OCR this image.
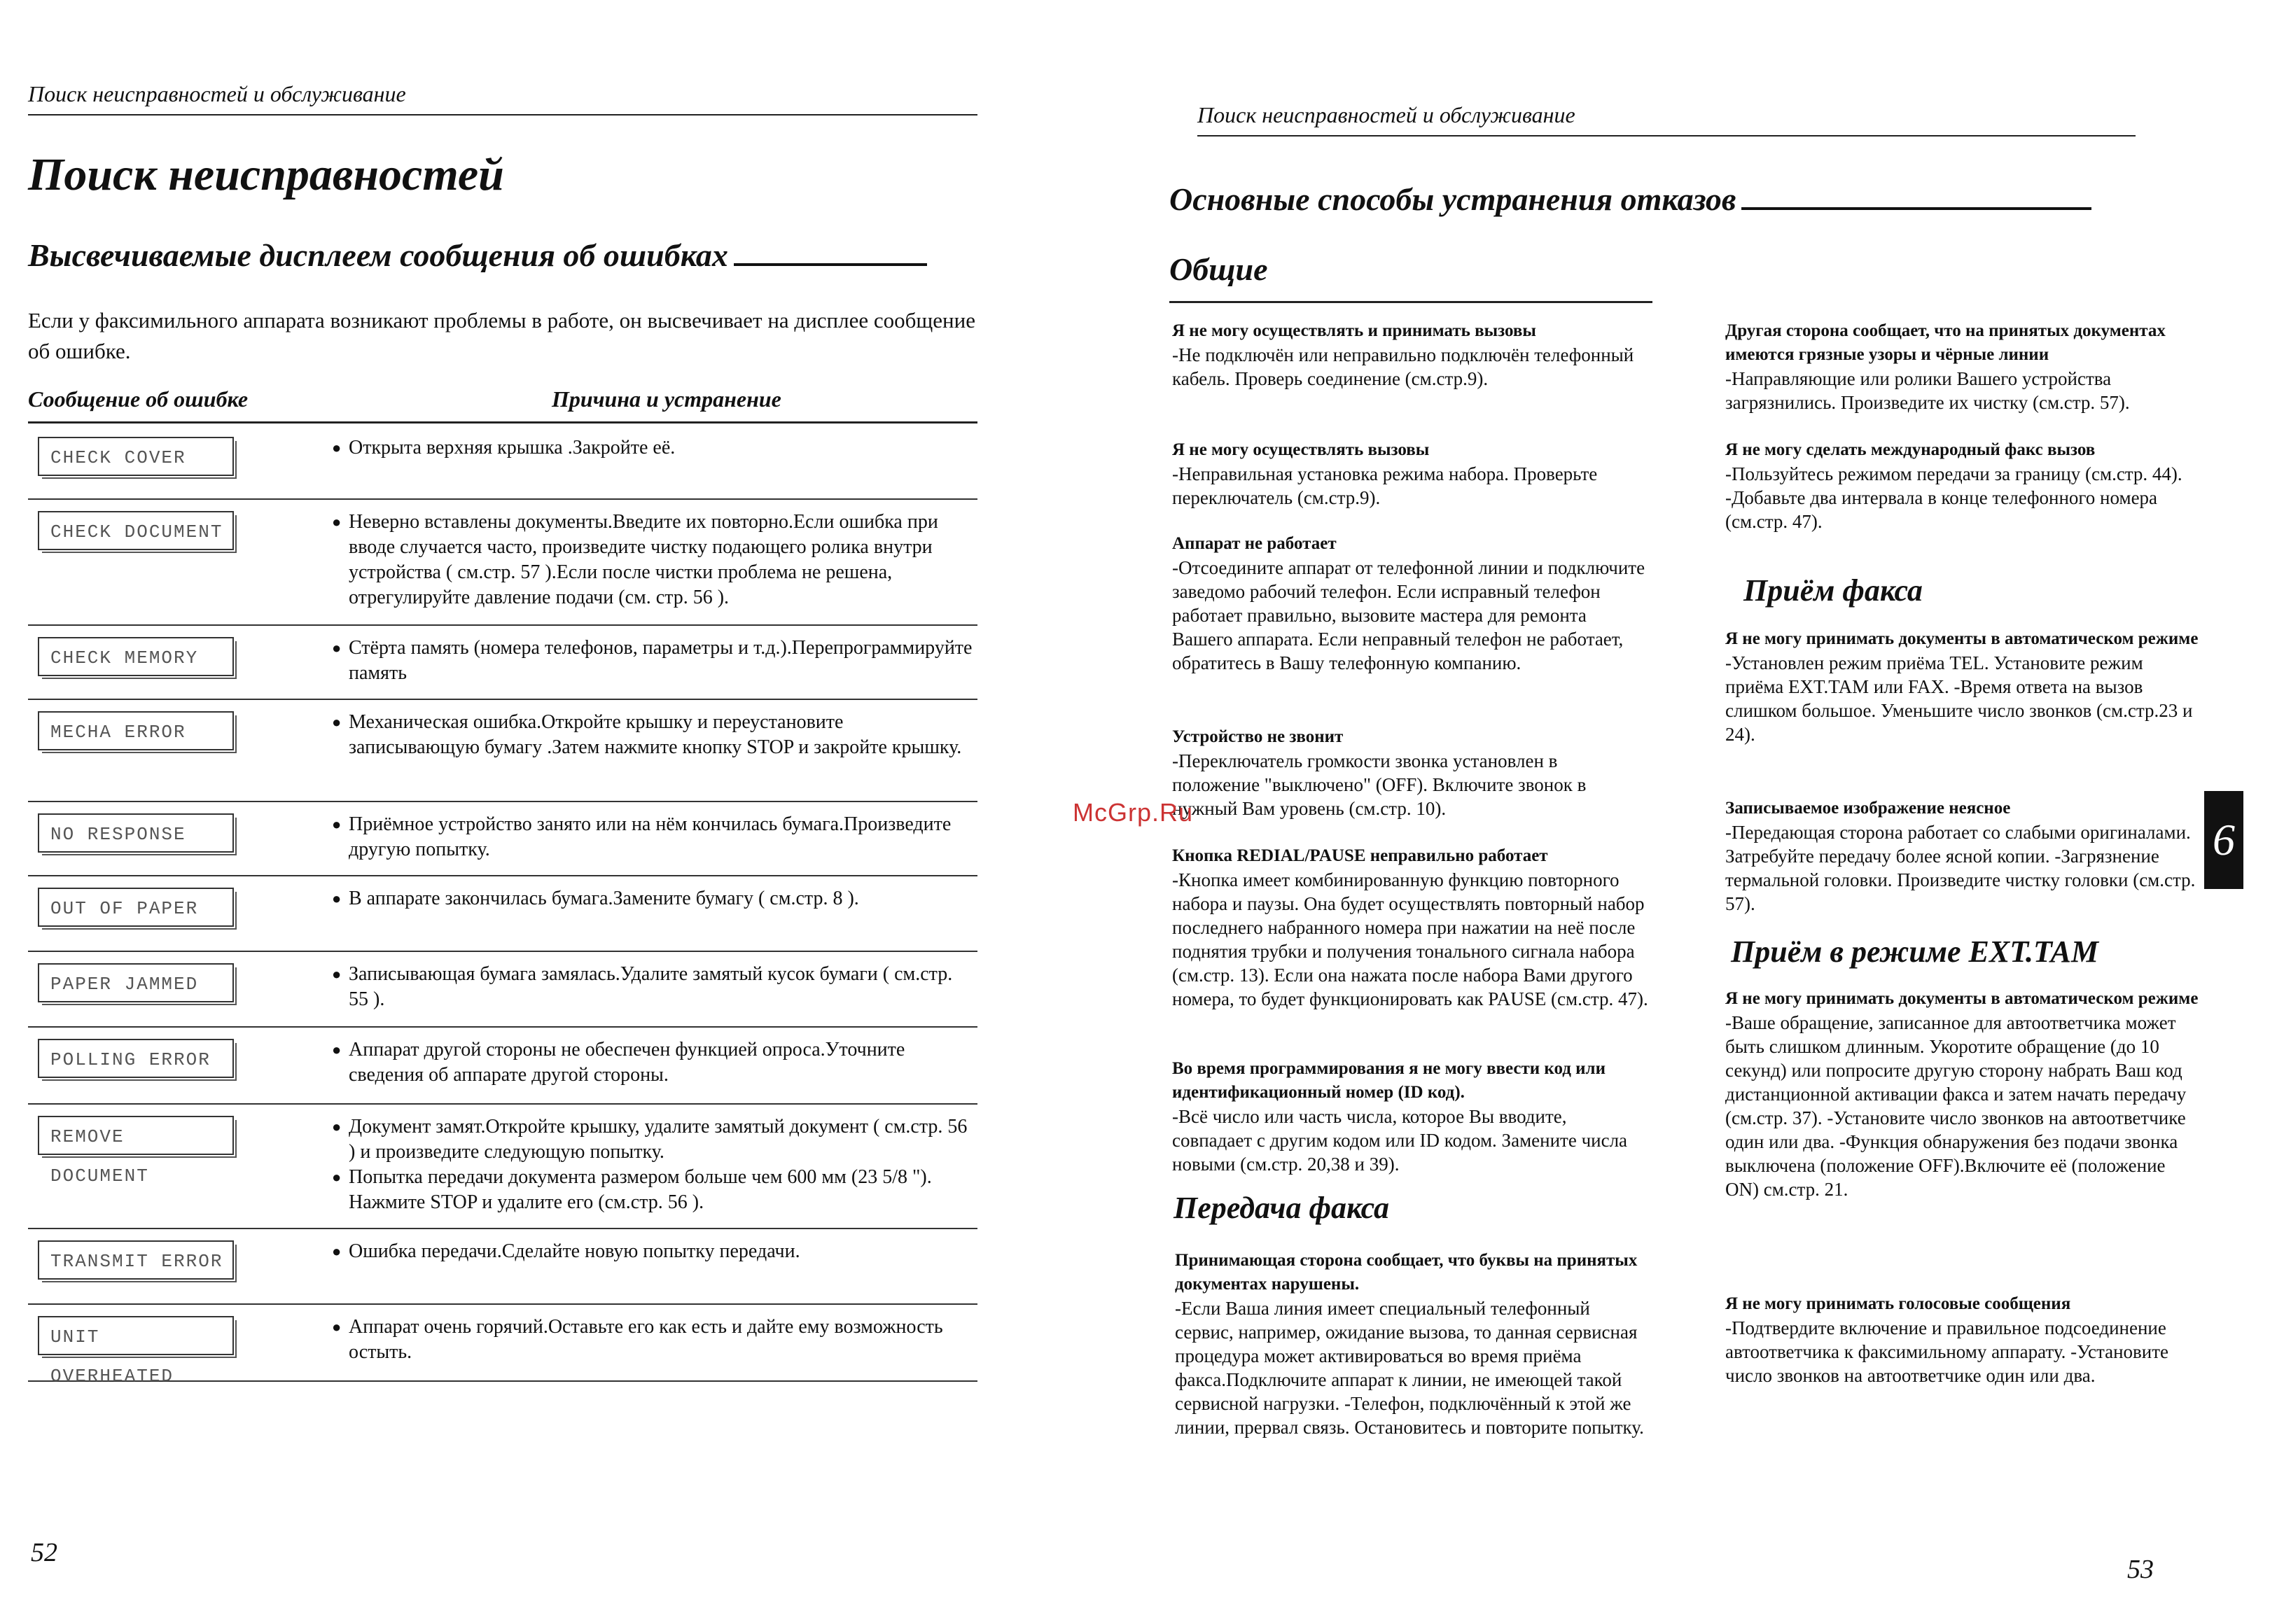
Поиск неисправностей и обслуживание
Поиск неисправностей
Высвечиваемые дисплеем сообщения об ошибках
Если у факсимильного аппарата возникают проблемы в работе, он высвечивает на дисплее сообщение об ошибке.
Сообщение об ошибке	Причина и устранение
CHECK COVER	● Открыта верхняя крышка .Закройте её.
CHECK DOCUMENT	● Неверно вставлены документы.Введите их повторно.Если ошибка при вводе случается часто, произведите чистку подающего ролика внутри устройства ( см.стр. 57 ).Если после чистки проблема не решена, отрегулируйте давление подачи (см. стр. 56 ).
CHECK MEMORY	● Стёрта память (номера телефонов, параметры и т.д.).Перепрограммируйте память
MECHA ERROR	● Механическая ошибка.Откройте крышку и переустановите записывающую бумагу .Затем нажмите кнопку STOP и закройте крышку.
NO RESPONSE	● Приёмное устройство занято или на нём кончилась бумага.Произведите другую попытку.
OUT OF PAPER	● В аппарате закончилась бумага.Замените бумагу ( см.стр. 8 ).
PAPER JAMMED	● Записывающая бумага замялась.Удалите замятый кусок бумаги ( см.стр. 55 ).
POLLING ERROR	● Аппарат другой стороны не обеспечен функцией опроса.Уточните сведения об аппарате другой стороны.
REMOVE DOCUMENT
● Документ замят.Откройте крышку, удалите замятый документ ( см.стр. 56 ) и произведите следующую попытку.
● Попытка передачи документа размером больше чем 600 мм (23 5/8 "). Нажмите STOP и удалите его (см.стр. 56 ).
TRANSMIT ERROR	● Ошибка передачи.Сделайте новую попытку передачи.
UNIT OVERHEATED
● Аппарат очень горячий.Оставьте его как есть и дайте ему возможность остыть.
52
Поиск неисправностей и обслуживание
Основные способы устранения отказов
Общие
Я не могу осуществлять и принимать вызовы
-Не подключён или неправильно подключён телефонный кабель. Проверь соединение (см.стр.9).
Я не могу осуществлять вызовы
-Неправильная установка режима набора. Проверьте переключатель (см.стр.9).
Аппарат не работает
-Отсоедините аппарат от телефонной линии и подключите заведомо рабочий телефон. Если исправный телефон работает правильно, вызовите мастера для ремонта Вашего аппарата. Если неправный телефон не работает, обратитесь в Вашу телефонную компанию.
Устройство не звонит
-Переключатель громкости звонка установлен в положение "выключено" (OFF). Включите звонок в нужный Вам уровень (см.стр. 10).
Кнопка REDIAL/PAUSE неправильно работает
-Кнопка имеет комбинированную функцию повторного набора и паузы. Она будет осуществлять повторный набор последнего набранного номера при нажатии на неё после поднятия трубки и получения тонального сигнала набора (см.стр. 13). Если она нажата после набора Вами другого номера, то будет функционировать как PAUSE (см.стр. 47).
Во время программирования я не могу ввести код или идентификационный номер (ID код).
-Всё число или часть числа, которое Вы вводите, совпадает с другим кодом или ID кодом. Замените числа новыми (см.стр. 20,38 и 39).
Передача факса
Принимающая сторона сообщает, что буквы на принятых документах нарушены.
-Если Ваша линия имеет специальный телефонный сервис, например, ожидание вызова, то данная сервисная процедура может активироваться во время приёма факса.Подключите аппарат к линии, не имеющей такой сервисной нагрузки. -Телефон, подключённый к этой же линии, прервал связь. Остановитесь и повторите попытку.
Другая сторона сообщает, что на принятых документах имеются грязные узоры и чёрные линии
-Направляющие или ролики Вашего устройства загрязнились. Произведите их чистку (см.стр. 57).
Я не могу сделать международный факс вызов
-Пользуйтесь режимом передачи за границу (см.стр. 44). -Добавьте два интервала в конце телефонного номера (см.стр. 47).
Приём факса
Я не могу принимать документы в автоматическом режиме
-Установлен режим приёма TEL. Установите режим приёма EXT.TAM или FAX. -Время ответа на вызов слишком большое. Уменьшите число звонков (см.стр.23 и 24).
Записываемое изображение неясное
-Передающая сторона работает со слабыми оригиналами. Затребуйте передачу более ясной копии. -Загрязнение термальной головки. Произведите чистку головки (см.стр. 57).
Приём в режиме EXT.TAM
Я не могу принимать документы в автоматическом режиме
-Ваше обращение, записанное для автоответчика может быть слишком длинным. Укоротите обращение (до 10 секунд) или попросите другую сторону набрать Ваш код дистанционной активации факса и затем начать передачу (см.стр. 37). -Установите число звонков на автоответчике один или два. -Функция обнаружения без подачи звонка выключена (положение OFF).Включите её (положение ON) см.стр. 21.
Я не могу принимать голосовые сообщения
-Подтвердите включение и правильное подсоединение автоответчика к факсимильному аппарату. -Установите число звонков на автоответчике один или два.
6
53
McGrp.Ru
